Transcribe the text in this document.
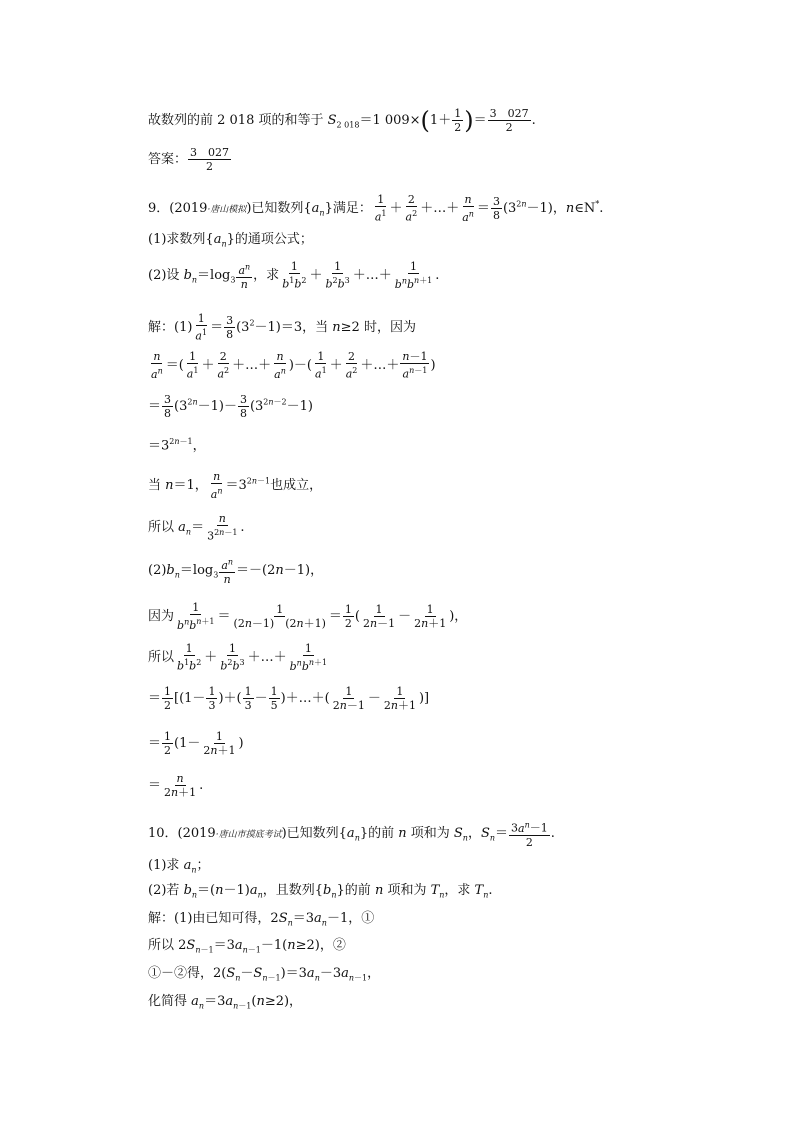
故数列的前 2 018 项的和等于 $S_{2 018}=1$ $009\times(1+ \frac{1}{2}$ )＝ $\frac{3 027}{2}$ .
答案： $\frac{3 027}{2}$
9．(2019·唐山模拟)已知数列$\{a_n\}$满足： $\frac{1}{a^1} + \frac{2}{a^2}$ ＋…＋ $\frac{n}{a^n} = \frac{3}{8} (3^{2n}-1)$，n∈N*.
(1)求数列$\{a_n\}$的通项公式；
(2)设 $b_n=\log_3 \frac{a^n}{n}$ ，求 $\frac{1}{b^1b^2} + \frac{1}{b^2b^3}$ ＋…＋ $\frac{1}{b^nb^{n+1}}$ .
解：$(1) \frac{1}{a^1} = \frac{3}{8} (3^2-1)=3$，当 n≥2 时，因为
$\frac{n}{a^n}$ ＝( $\frac{1}{a^1} + \frac{2}{a^2}$ ＋…＋ $\frac{n}{a^n}$ )－( $\frac{1}{a^1} + \frac{2}{a^2}$ ＋…＋ $\frac{n-1}{a^{n-1}}$ )
＝ $\frac{3}{8} (3^{2n}-1)- \frac{3}{8} (3^{2n-2}-1)$
$=3^{2n-1}$，
当 n＝1， $\frac{n}{a^n} =3^{2n-1}$也成立，
所以 $a_n= \frac{n}{3^{2n-1}}$ .
$(2)b_n=\log_3 \frac{a^n}{n} =-(2n-1)$，
因为 $\frac{1}{b^nb^{n+1}} = \frac{1}{(2n-1) (2n+1)} = \frac{1}{2}$ ( $\frac{1}{2n-1} - \frac{1}{2n+1}$ )，
所以 $\frac{1}{b^1b^2} + \frac{1}{b^2b^3}$ ＋…＋ $\frac{1}{b^nb^{n+1}}$
＝ $\frac{1}{2} [(1- \frac{1}{3}$ )＋( $\frac{1}{3} - \frac{1}{5}$ )＋…＋( $\frac{1}{2n-1} - \frac{1}{2n+1}$ )]
＝ $\frac{1}{2} (1- \frac{1}{2n+1}$ )
＝ $\frac{n}{2n+1}$ .
10．(2019·唐山市摸底考试)已知数列$\{a_n\}$的前 n 项和为 $S_n$，$S_n= \frac{3a^n-1}{2}$ .
(1)求 $a_n$；
(2)若 $b_n=(n-1)a_n$，且数列$\{b_n\}$的前 n 项和为 $T_n$，求 $T_n$.
解：(1)由已知可得，$2S_n=3a_n-1$，①
所以 $2S_{n-1}=3a_{n-1}-1(n\ge 2)$，②
①－②得，$2(S_n-S_{n-1})=3a_n-3a_{n-1}$，
化简得 $a_n=3a_{n-1}(n\ge 2)$，
